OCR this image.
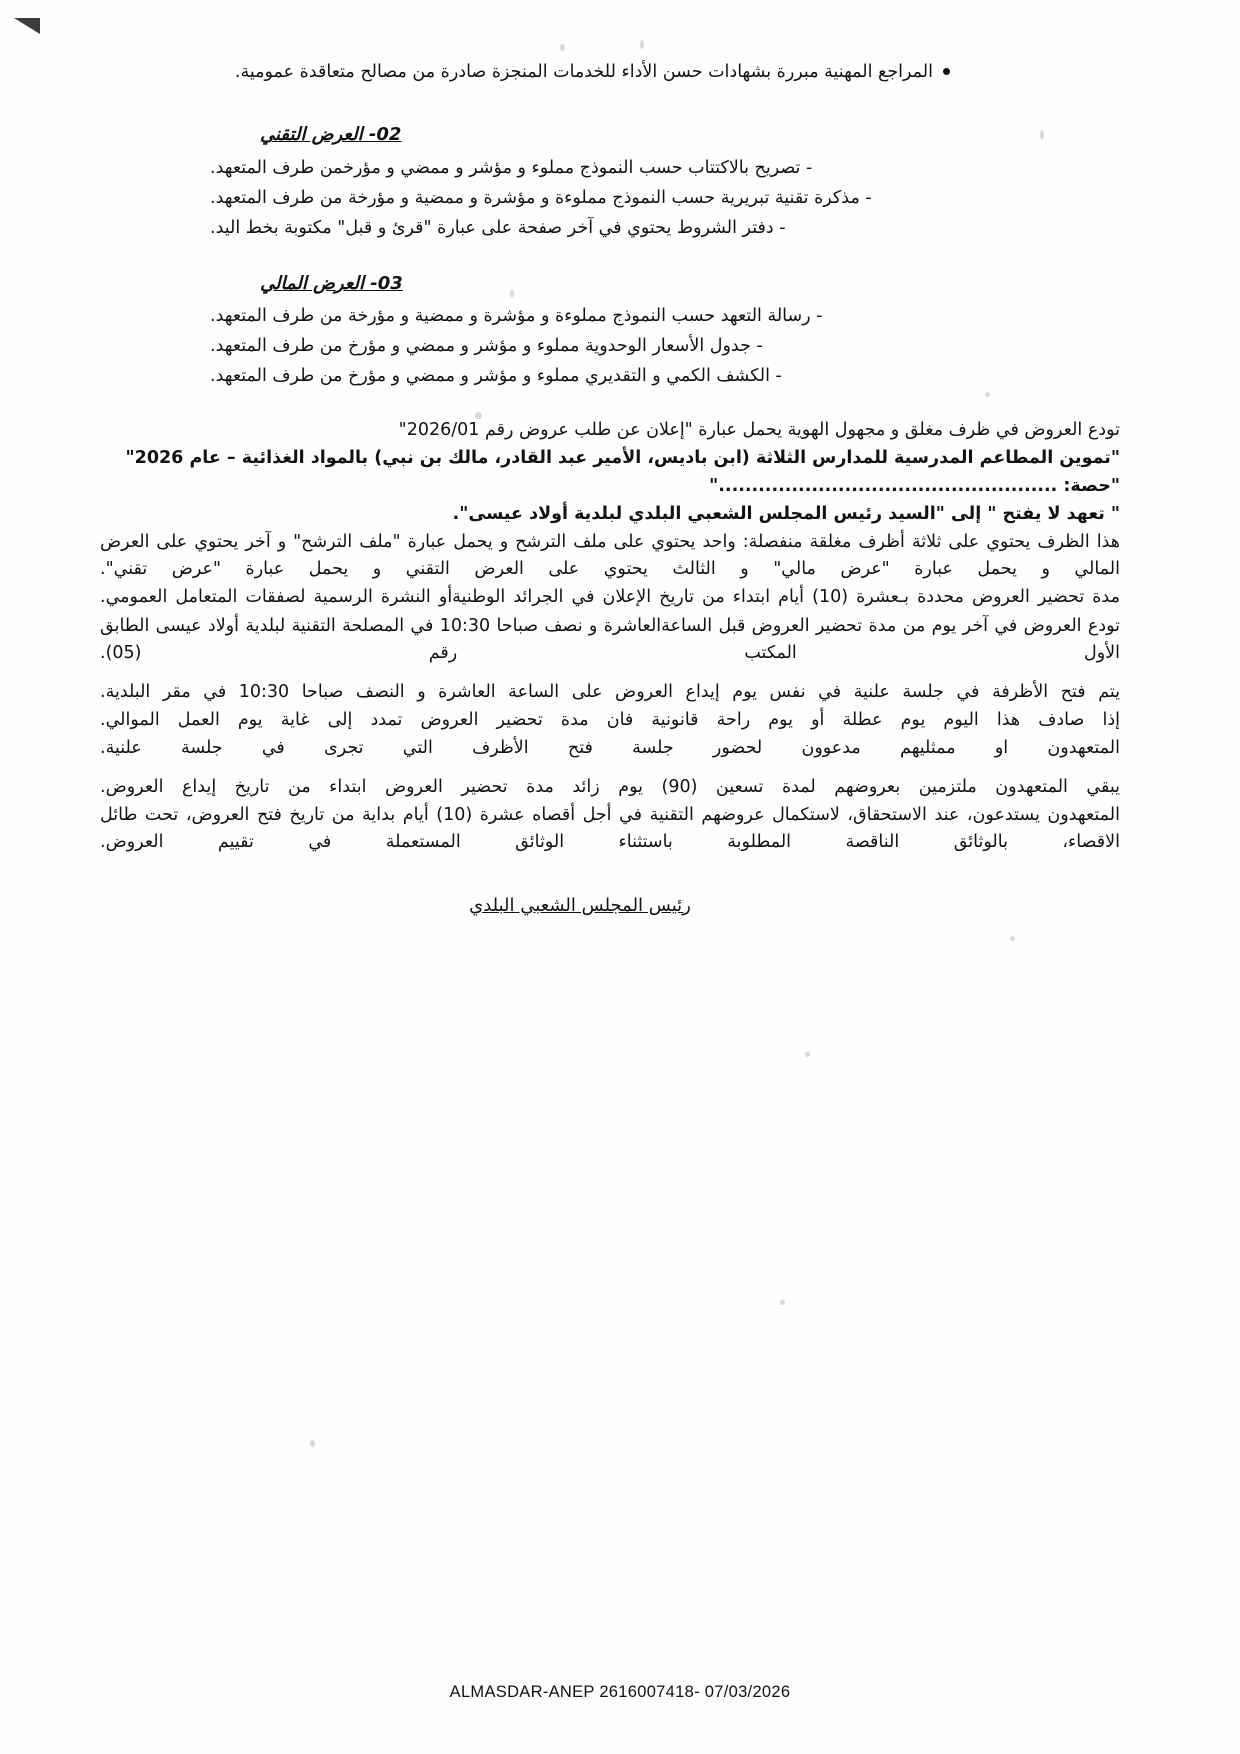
المراجع المهنية مبررة بشهادات حسن الأداء للخدمات المنجزة صادرة من مصالح متعاقدة عمومية.
02- العرض التقني
- تصريح بالاكتتاب حسب النموذج مملوء و مؤشر و ممضي و مؤرخمن طرف المتعهد.
- مذكرة تقنية تبريرية حسب النموذج مملوءة و مؤشرة و ممضية و مؤرخة من طرف المتعهد.
- دفتر الشروط يحتوي في آخر صفحة على عبارة "قرئ و قبل" مكتوبة بخط اليد.
03- العرض المالي
- رسالة التعهد حسب النموذج مملوءة و مؤشرة و ممضية و مؤرخة من طرف المتعهد.
- جدول الأسعار الوحدوية مملوء و مؤشر و ممضي و مؤرخ من طرف المتعهد.
- الكشف الكمي و التقديري مملوء و مؤشر و ممضي و مؤرخ من طرف المتعهد.

تودع العروض في ظرف مغلق و مجهول الهوية يحمل عبارة "إعلان عن طلب عروض رقم 2026/01"

"تموين المطاعم المدرسية للمدارس الثلاثة (ابن باديس، الأمير عبد القادر، مالك بن نبي) بالمواد الغذائية – عام 2026"

"حصة: ..................................................."

" تعهد لا يفتح " إلى "السيد رئيس المجلس الشعبي البلدي لبلدية أولاد عيسى".

هذا الظرف يحتوي على ثلاثة أظرف مغلقة منفصلة: واحد يحتوي على ملف الترشح و يحمل عبارة "ملف الترشح" و آخر يحتوي على العرض المالي و يحمل عبارة "عرض مالي" و الثالث يحتوي على العرض التقني و يحمل عبارة "عرض تقني".

مدة تحضير العروض محددة بـعشرة (10) أيام ابتداء من تاريخ الإعلان في الجرائد الوطنيةأو النشرة الرسمية لصفقات المتعامل العمومي.

تودع العروض في آخر يوم من مدة تحضير العروض قبل الساعةالعاشرة و نصف صباحا 10:30 في المصلحة التقنية لبلدية أولاد عيسى الطابق الأول المكتب رقم (05).

يتم فتح الأظرفة في جلسة علنية في نفس يوم إيداع العروض على الساعة العاشرة و النصف صباحا 10:30 في مقر البلدية.

إذا صادف هذا اليوم يوم عطلة أو يوم راحة قانونية فان مدة تحضير العروض تمدد إلى غاية يوم العمل الموالي.

المتعهدون او ممثليهم مدعوون لحضور جلسة فتح الأظرف التي تجرى في جلسة علنية.

يبقي المتعهدون ملتزمين بعروضهم لمدة تسعين (90) يوم زائد مدة تحضير العروض ابتداء من تاريخ إيداع العروض.

المتعهدون يستدعون، عند الاستحقاق، لاستكمال عروضهم التقنية في أجل أقصاه عشرة (10) أيام بداية من تاريخ فتح العروض، تحت طائل الاقصاء، بالوثائق الناقصة المطلوبة باستثناء الوثائق المستعملة في تقييم العروض.

رئيس المجلس الشعبي البلدي
ALMASDAR-ANEP 2616007418- 07/03/2026
